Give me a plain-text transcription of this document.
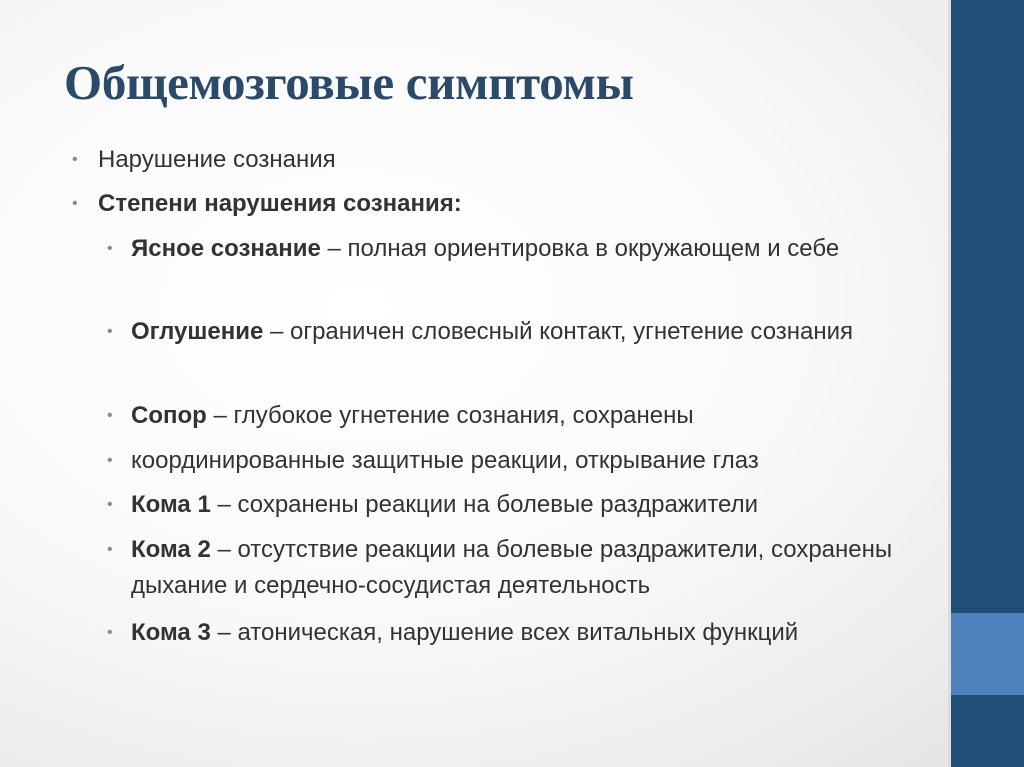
Общемозговые симптомы
• Нарушение сознания
• Степени нарушения сознания:
• Ясное сознание – полная ориентировка в окружающем и себе
• Оглушение – ограничен словесный контакт, угнетение сознания
• Сопор – глубокое угнетение сознания, сохранены
• координированные защитные реакции, открывание глаз
• Кома 1 – сохранены реакции на болевые раздражители
• Кома 2 – отсутствие реакции на болевые раздражители, сохранены дыхание и сердечно-сосудистая деятельность
• Кома 3 – атоническая, нарушение всех витальных функций
